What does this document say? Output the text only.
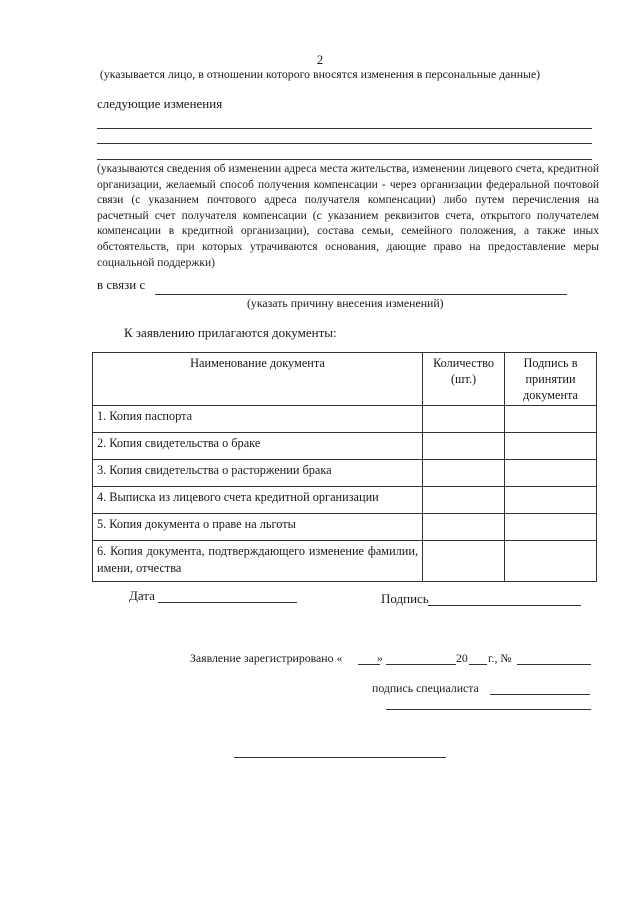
2
(указывается лицо, в отношении которого вносятся изменения в персональные данные)
следующие изменения
(указываются сведения об изменении адреса места жительства, изменении лицевого счета, кредитной организации, желаемый способ получения компенсации - через организации федеральной почтовой связи (с указанием почтового адреса получателя компенсации) либо путем перечисления на расчетный счет получателя компенсации (с указанием реквизитов счета, открытого получателем компенсации в кредитной организации), состава семьи, семейного положения, а также иных обстоятельств, при которых утрачиваются основания, дающие право на предоставление меры социальной поддержки)
в связи с
(указать причину внесения изменений)
К заявлению прилагаются документы:
Наименование документа	Количество (шт.)	Подпись в принятии документа
1. Копия паспорта		
2. Копия свидетельства о браке		
3. Копия свидетельства о расторжении брака		
4. Выписка из лицевого счета кредитной организации		
5. Копия документа о праве на льготы		
6. Копия документа, подтверждающего изменение фамилии, имени, отчества		
Дата	Подпись
Заявление зарегистрировано «	»	20 г., №
подпись специалиста
